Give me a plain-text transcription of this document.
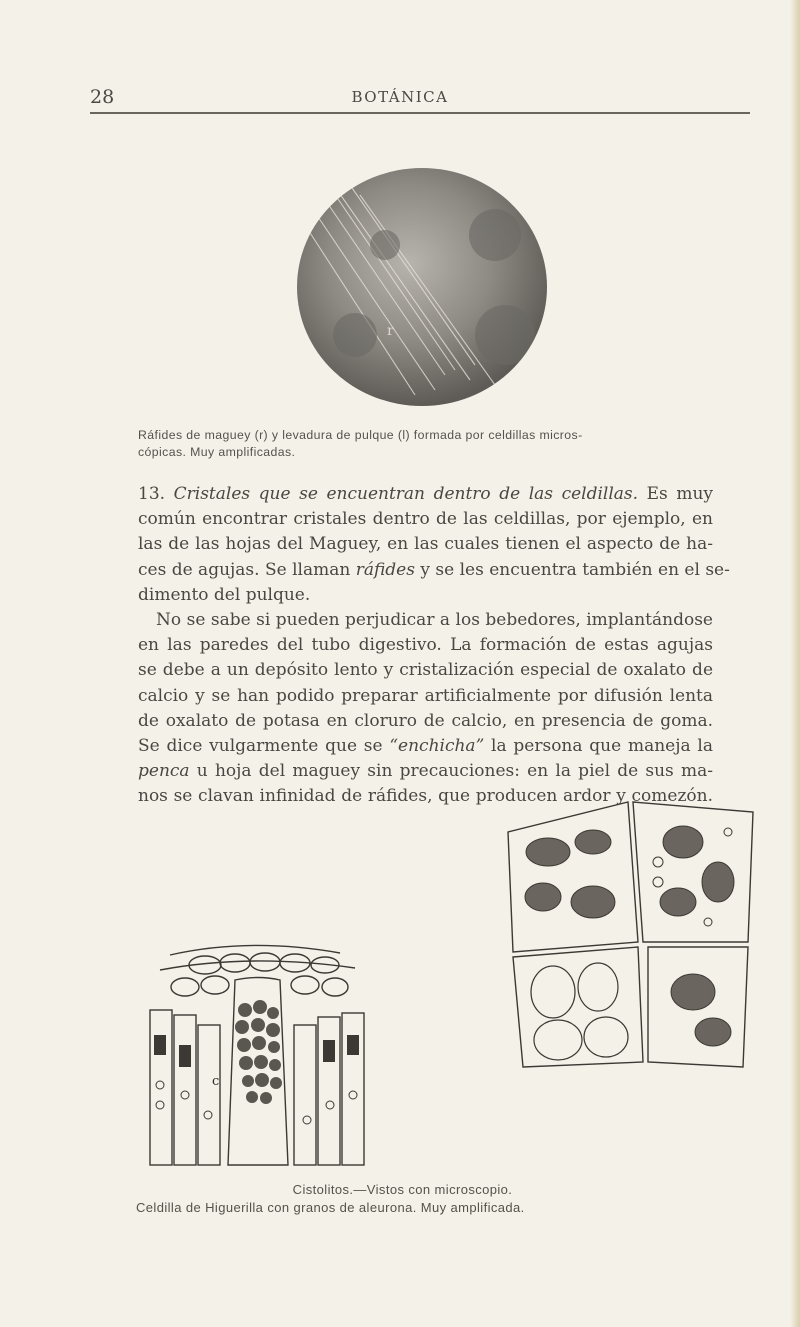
28	BOTÁNICA
r
Ráfides de maguey (r) y levadura de pulque (l) formada por celdillas micros-
cópicas. Muy amplificadas.
13. Cristales que se encuentran dentro de las celdillas. Es muy
común encontrar cristales dentro de las celdillas, por ejemplo, en
las de las hojas del Maguey, en las cuales tienen el aspecto de ha-
ces de agujas. Se llaman ráfides y se les encuentra también en el se-
dimento del pulque.
No se sabe si pueden perjudicar a los bebedores, implantándose
en las paredes del tubo digestivo. La formación de estas agujas
se debe a un depósito lento y cristalización especial de oxalato de
calcio y se han podido preparar artificialmente por difusión lenta
de oxalato de potasa en cloruro de calcio, en presencia de goma.
Se dice vulgarmente que se “enchicha” la persona que maneja la
penca u hoja del maguey sin precauciones: en la piel de sus ma-
nos se clavan infinidad de ráfides, que producen ardor y comezón.
c
Cistolitos.—Vistos con microscopio.
Celdilla de Higuerilla con granos de aleurona. Muy amplificada.
